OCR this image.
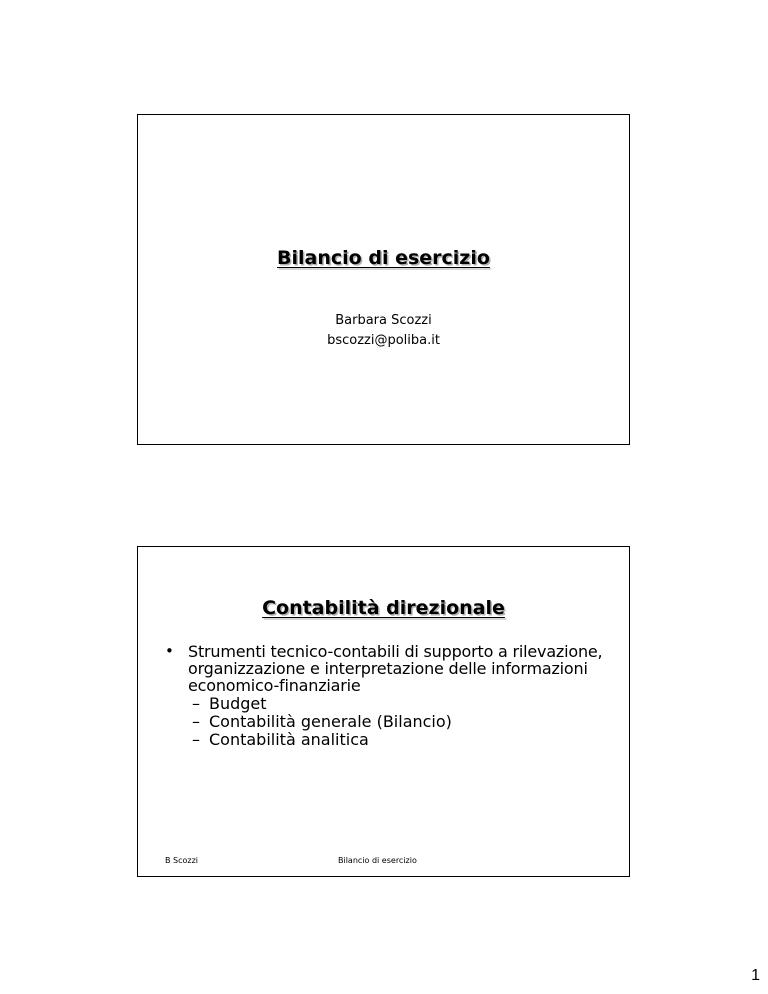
Bilancio di esercizio
Barbara Scozzi
bscozzi@poliba.it
Contabilità direzionale
• Strumenti tecnico-contabili di supporto a rilevazione, organizzazione e interpretazione delle informazioni economico-finanziarie
– Budget
– Contabilità generale (Bilancio)
– Contabilità analitica
B Scozzi	Bilancio di esercizio
1
